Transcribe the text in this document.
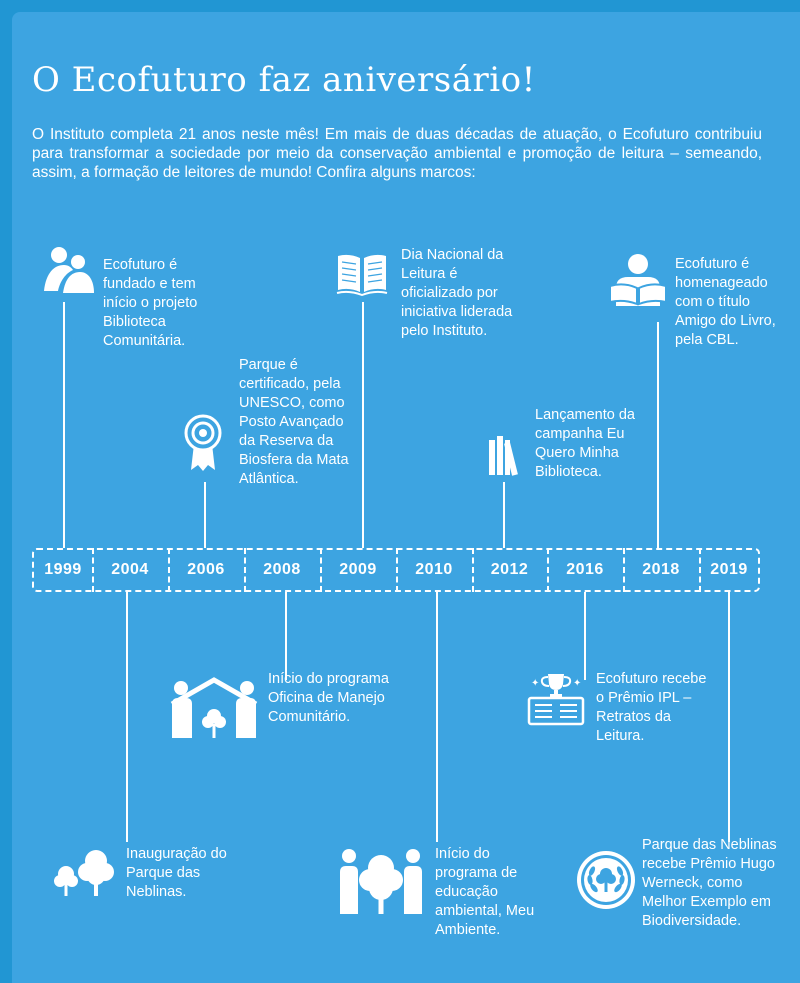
O Ecofuturo faz aniversário!

O Instituto completa 21 anos neste mês! Em mais de duas décadas de atuação, o Ecofuturo contribuiu para transformar a sociedade por meio da conservação ambiental e promoção de leitura – semeando, assim, a formação de leitores de mundo! Confira alguns marcos:

1999	2004	2006	2008	2009	2010	2012	2016	2018	2019
✦	✦

Ecofuturo é fundado e tem início o projeto Biblioteca Comunitária.

Inauguração do Parque das Neblinas.

Parque é certificado, pela UNESCO, como Posto Avançado da Reserva da Biosfera da Mata Atlântica.

Início do programa Oficina de Manejo Comunitário.

Dia Nacional da Leitura é oficializado por iniciativa liderada pelo Instituto.

Início do programa de educação ambiental, Meu Ambiente.

Lançamento da campanha Eu Quero Minha Biblioteca.

Ecofuturo recebe o Prêmio IPL – Retratos da Leitura.

Ecofuturo é homenageado com o título Amigo do Livro, pela CBL.

Parque das Neblinas recebe Prêmio Hugo Werneck, como Melhor Exemplo em Biodiversidade.
